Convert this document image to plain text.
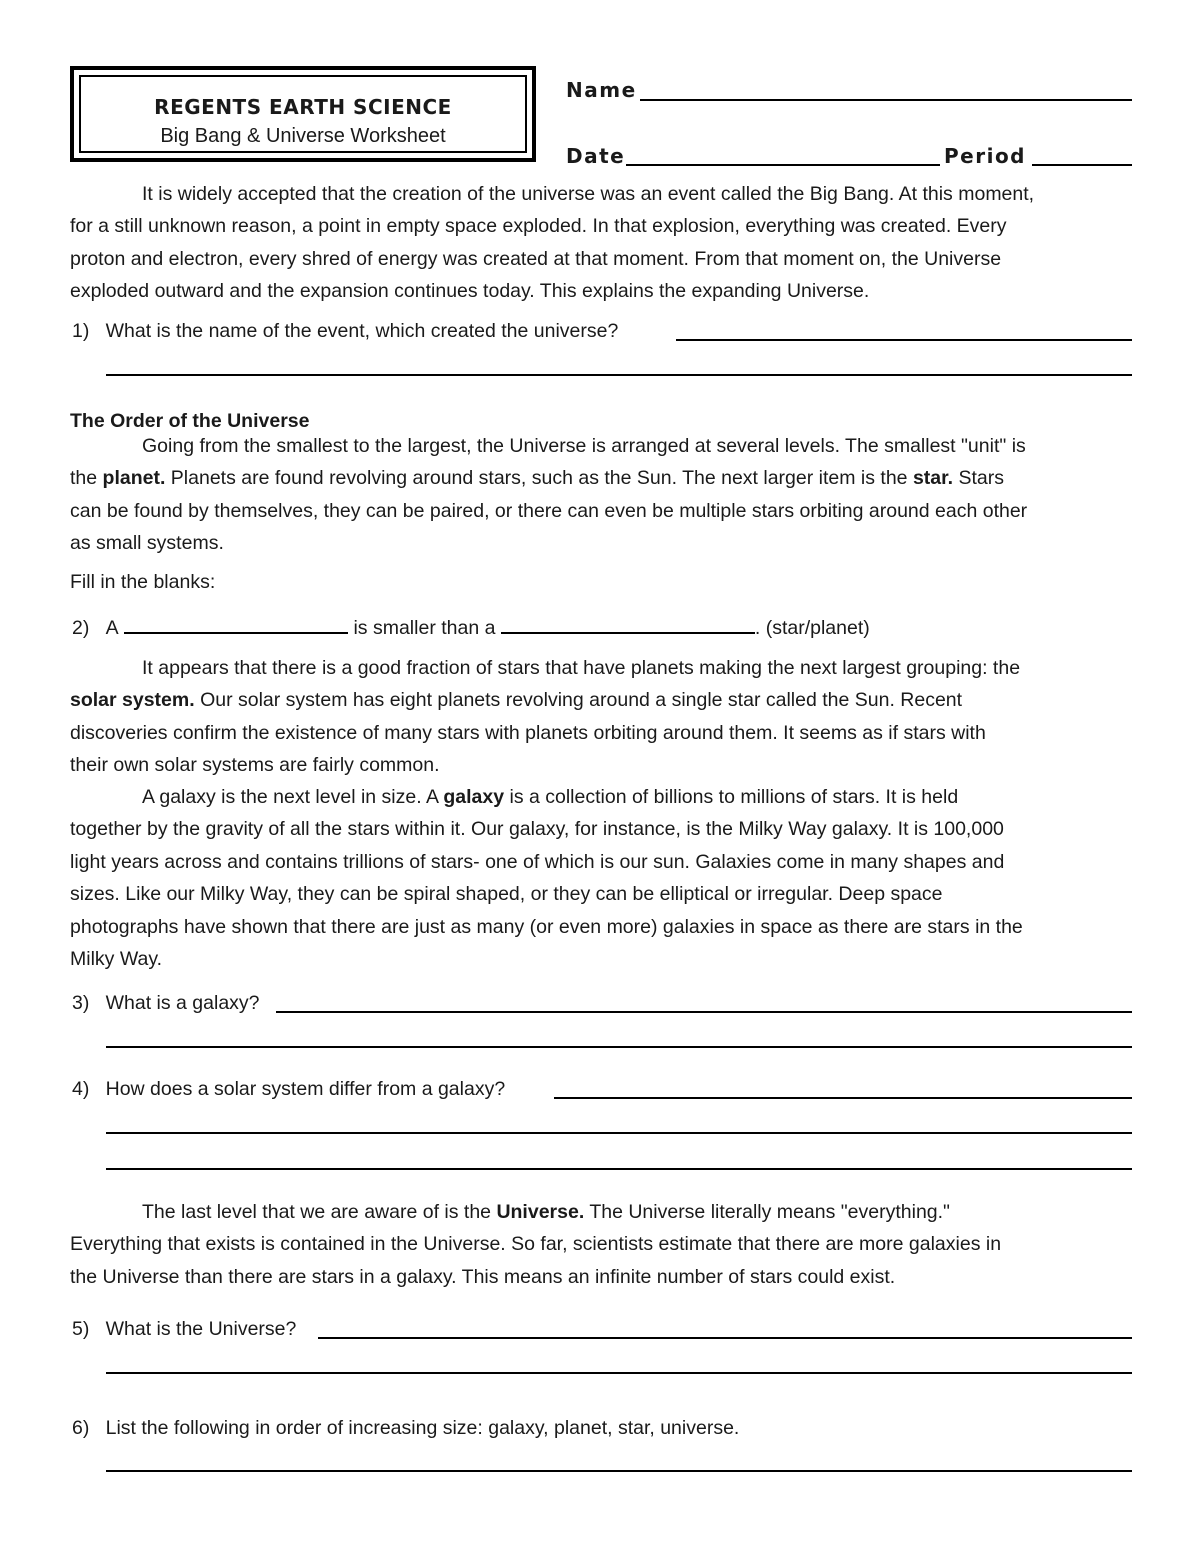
REGENTS EARTH SCIENCE
Big Bang & Universe Worksheet
Name
Date	Period
It is widely accepted that the creation of the universe was an event called the Big Bang. At this moment,
for a still unknown reason, a point in empty space exploded. In that explosion, everything was created. Every
proton and electron, every shred of energy was created at that moment. From that moment on, the Universe
exploded outward and the expansion continues today. This explains the expanding Universe.
1) What is the name of the event, which created the universe?
The Order of the Universe
Going from the smallest to the largest, the Universe is arranged at several levels. The smallest "unit" is
the planet. Planets are found revolving around stars, such as the Sun. The next larger item is the star. Stars
can be found by themselves, they can be paired, or there can even be multiple stars orbiting around each other
as small systems.
Fill in the blanks:
2) A	is smaller than a	. (star/planet)
It appears that there is a good fraction of stars that have planets making the next largest grouping: the
solar system. Our solar system has eight planets revolving around a single star called the Sun. Recent
discoveries confirm the existence of many stars with planets orbiting around them. It seems as if stars with
their own solar systems are fairly common.
A galaxy is the next level in size. A galaxy is a collection of billions to millions of stars. It is held
together by the gravity of all the stars within it. Our galaxy, for instance, is the Milky Way galaxy. It is 100,000
light years across and contains trillions of stars- one of which is our sun. Galaxies come in many shapes and
sizes. Like our Milky Way, they can be spiral shaped, or they can be elliptical or irregular. Deep space
photographs have shown that there are just as many (or even more) galaxies in space as there are stars in the
Milky Way.
3) What is a galaxy?
4) How does a solar system differ from a galaxy?
The last level that we are aware of is the Universe. The Universe literally means "everything."
Everything that exists is contained in the Universe. So far, scientists estimate that there are more galaxies in
the Universe than there are stars in a galaxy. This means an infinite number of stars could exist.
5) What is the Universe?
6) List the following in order of increasing size: galaxy, planet, star, universe.
